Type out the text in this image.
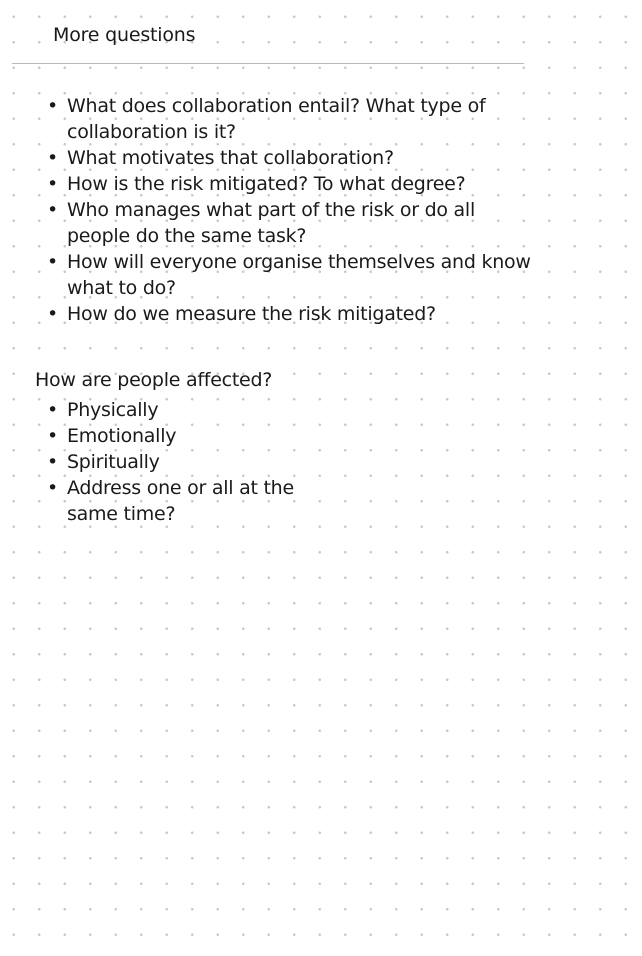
More questions
• What does collaboration entail? What type of collaboration is it?
• What motivates that collaboration?
• How is the risk mitigated? To what degree?
• Who manages what part of the risk or do all people do the same task?
• How will everyone organise themselves and know what to do?
• How do we measure the risk mitigated?
How are people affected?
• Physically
• Emotionally
• Spiritually
• Address one or all at the same time?
